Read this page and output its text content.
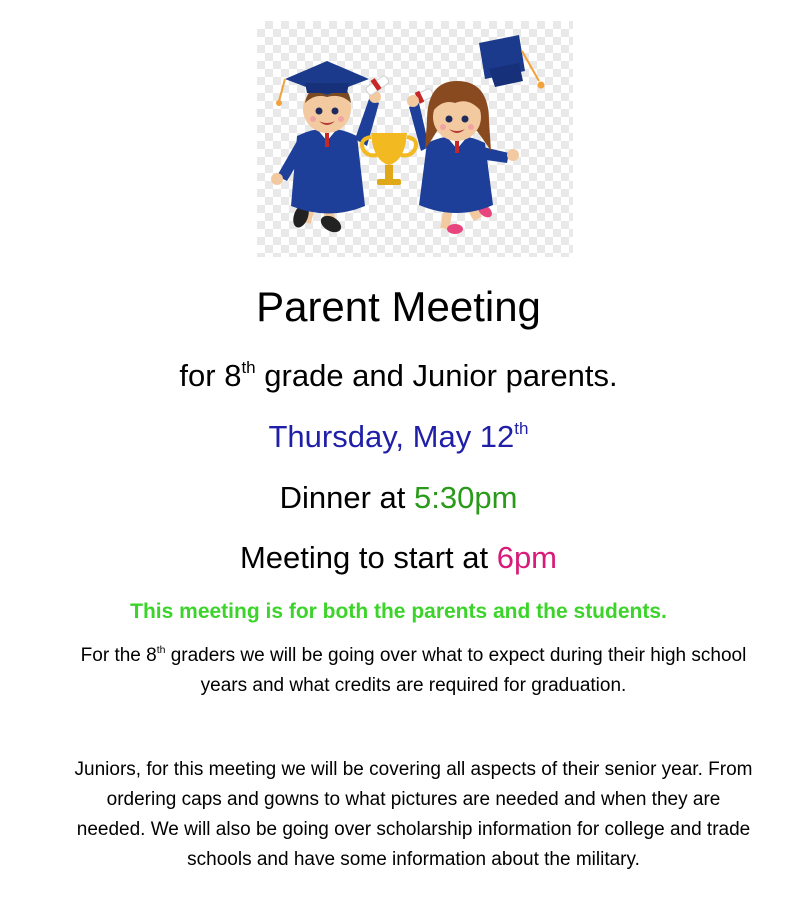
Parent Meeting
for 8th grade and Junior parents.
Thursday, May 12th
Dinner at 5:30pm
Meeting to start at 6pm
This meeting is for both the parents and the students.
For the 8th graders we will be going over what to expect during their high school years and what credits are required for graduation.
Juniors, for this meeting we will be covering all aspects of their senior year. From ordering caps and gowns to what pictures are needed and when they are needed. We will also be going over scholarship information for college and trade schools and have some information about the military.
